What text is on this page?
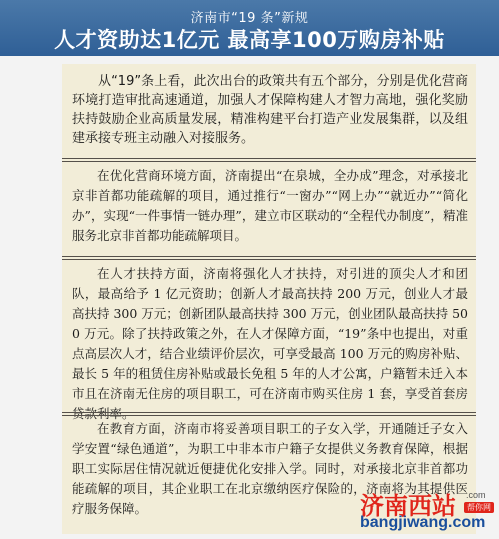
济南市“19 条”新规
人才资助达1亿元 最高享100万购房补贴

从“19”条上看，此次出台的政策共有五个部分，分别是优化营商环境打造审批高速通道，加强人才保障构建人才智力高地，强化奖励扶持鼓励企业高质量发展，精准构建平台打造产业发展集群，以及组建承接专班主动融入对接服务。

在优化营商环境方面，济南提出“在泉城，全办成”理念，对承接北京非首都功能疏解的项目，通过推行“一窗办”“网上办”“就近办”“简化办”，实现“一件事情一链办理”，建立市区联动的“全程代办制度”，精准服务北京非首都功能疏解项目。

在人才扶持方面，济南将强化人才扶持，对引进的顶尖人才和团队，最高给予 1 亿元资助；创新人才最高扶持 200 万元，创业人才最高扶持 300 万元；创新团队最高扶持 300 万元，创业团队最高扶持 500 万元。除了扶持政策之外，在人才保障方面，“19”条中也提出，对重点高层次人才，结合业绩评价层次，可享受最高 100 万元的购房补贴、最长 5 年的租赁住房补贴或最长免租 5 年的人才公寓，户籍暂未迁入本市且在济南无住房的项目职工，可在济南市购买住房 1 套，享受首套房贷款利率。

在教育方面，济南市将妥善项目职工的子女入学，开通随迁子女入学安置“绿色通道”，为职工中非本市户籍子女提供义务教育保障，根据职工实际居住情况就近便捷优化安排入学。同时，对承接北京非首都功能疏解的项目，其企业职工在北京缴纳医疗保险的，济南将为其提供医疗服务保障。	济南西站 .com
帮你网
bangjiwang.com
